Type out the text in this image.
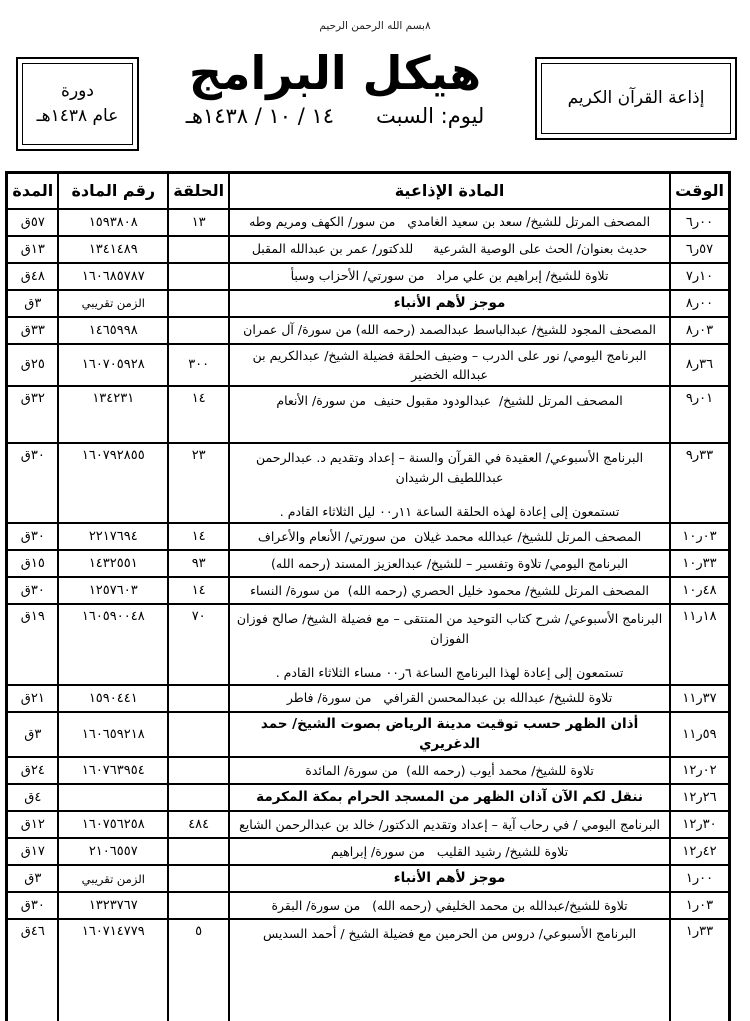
٨بسم الله الرحمن الرحيم
إذاعة القرآن الكريم
هيكل البرامج
ليوم: السبت
١٤ / ١٠ / ١٤٣٨هـ
دورة
عام ١٤٣٨هـ
الوقت	المادة الإذاعية	الحلقة	رقم المادة	المدة
٦ر٠٠	المصحف المرتل للشيخ/ سعد بن سعيد الغامدي   من سور/ الكهف ومريم وطه	١٣	١٥٩٣٨٠٨	٥٧ق
٦ر٥٧	حديث بعنوان/ الحث على الوصية الشرعية     للدكتور/ عمر بن عبدالله المقبل		١٣٤١٤٨٩	١٣ق
٧ر١٠	تلاوة للشيخ/ إبراهيم بن علي مراد   من سورتي/ الأحزاب وسبأ		١٦٠٦٨٥٧٨٧	٤٨ق
٨ر٠٠	موجز لأهم الأنباء		الزمن تقريبي	٣ق
٨ر٠٣	المصحف المجود للشيخ/ عبدالباسط عبدالصمد (رحمه الله) من سورة/ آل عمران		١٤٦٥٩٩٨	٣٣ق
٨ر٣٦	البرنامج اليومي/ نور على الدرب – وضيف الحلقة فضيلة الشيخ/ عبدالكريم بن عبدالله الخضير	٣٠٠	١٦٠٧٠٥٩٢٨	٢٥ق
٩ر٠١	المصحف المرتل للشيخ/  عبدالودود مقبول حنيف  من سورة/ الأنعام	١٤	١٣٤٢٣١	٣٢ق
٩ر٣٣	البرنامج الأسبوعي/ العقيدة في القرآن والسنة – إعداد وتقديم د. عبدالرحمن عبداللطيف الرشيدان
تستمعون إلى إعادة لهذه الحلقة الساعة ١١ر٠٠ ليل الثلاثاء القادم .	٢٣	١٦٠٧٩٢٨٥٥	٣٠ق
١٠ر٠٣	المصحف المرتل للشيخ/ عبدالله محمد غيلان  من سورتي/ الأنعام والأعراف	١٤	٢٢١٧٦٩٤	٣٠ق
١٠ر٣٣	البرنامج اليومي/ تلاوة وتفسير – للشيخ/ عبدالعزيز المسند (رحمه الله)	٩٣	١٤٣٢٥٥١	١٥ق
١٠ر٤٨	المصحف المرتل للشيخ/ محمود خليل الحصري (رحمه الله)  من سورة/ النساء	١٤	١٢٥٧٦٠٣	٣٠ق
١١ر١٨	البرنامج الأسبوعي/ شرح كتاب التوحيد من المنتقى – مع فضيلة الشيخ/ صالح فوزان الفوزان
تستمعون إلى إعادة لهذا البرنامج الساعة ٦ر٠٠ مساء الثلاثاء القادم .	٧٠	١٦٠٥٩٠٠٤٨	١٩ق
١١ر٣٧	تلاوة للشيخ/ عبدالله بن عبدالمحسن القرافي   من سورة/ فاطر		١٥٩٠٤٤١	٢١ق
١١ر٥٩	أذان الظهر حسب توقيت مدينة الرياض بصوت الشيخ/ حمد الدغريري		١٦٠٦٥٩٢١٨	٣ق
١٢ر٠٢	تلاوة للشيخ/ محمد أيوب (رحمه الله)  من سورة/ المائدة		١٦٠٧٦٣٩٥٤	٢٤ق
١٢ر٢٦	ننقل لكم الآن آذان الظهر من المسجد الحرام بمكة المكرمة			٤ق
١٢ر٣٠	البرنامج اليومي / في رحاب آية – إعداد وتقديم الدكتور/ خالد بن عبدالرحمن الشايع	٤٨٤	١٦٠٧٥٦٢٥٨	١٢ق
١٢ر٤٢	تلاوة للشيخ/ رشيد القليب   من سورة/ إبراهيم		٢١٠٦٥٥٧	١٧ق
١ر٠٠	موجز لأهم الأنباء		الزمن تقريبي	٣ق
١ر٠٣	تلاوة للشيخ/عبدالله بن محمد الخليفي (رحمه الله)   من سورة/ البقرة		١٣٢٣٧٦٧	٣٠ق
١ر٣٣	البرنامج الأسبوعي/ دروس من الحرمين مع فضيلة الشيخ / أحمد السديس	٥	١٦٠٧١٤٧٧٩	٤٦ق
